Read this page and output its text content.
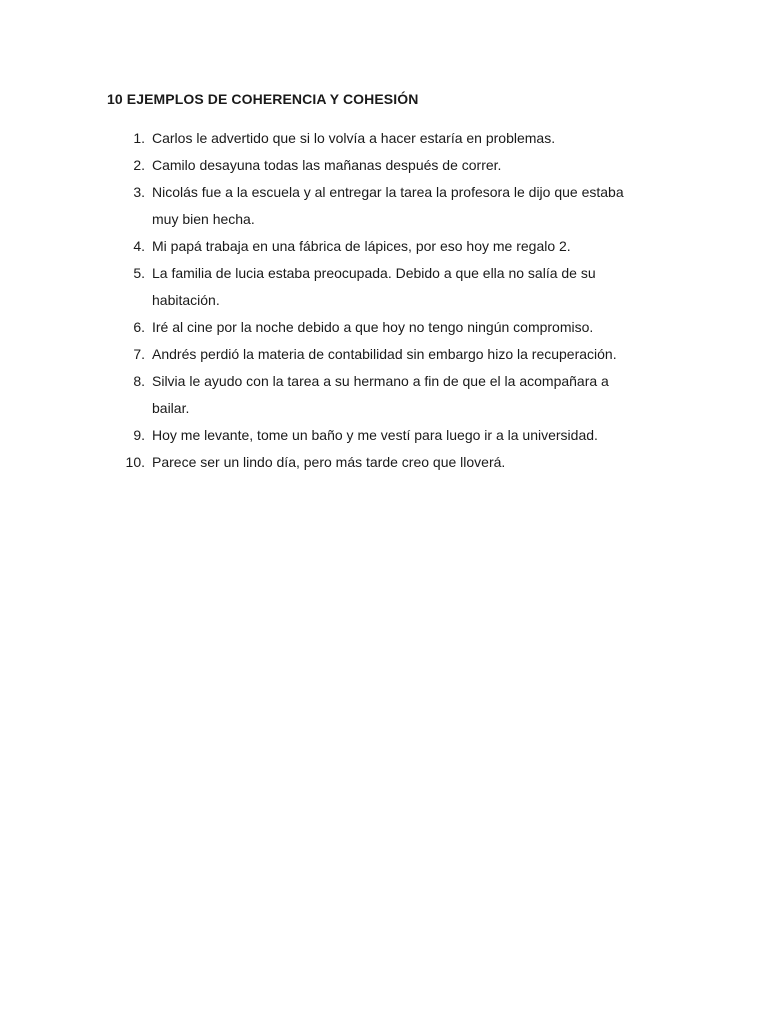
10 EJEMPLOS DE COHERENCIA Y COHESIÓN
1. Carlos le advertido que si lo volvía a hacer estaría en problemas.
2. Camilo desayuna todas las mañanas después de correr.
3. Nicolás fue a la escuela y al entregar la tarea la profesora le dijo que estaba
muy bien hecha.
4. Mi papá trabaja en una fábrica de lápices, por eso hoy me regalo 2.
5. La familia de lucia estaba preocupada. Debido a que ella no salía de su
habitación.
6. Iré al cine por la noche debido a que hoy no tengo ningún compromiso.
7. Andrés perdió la materia de contabilidad sin embargo hizo la recuperación.
8. Silvia le ayudo con la tarea a su hermano a fin de que el la acompañara a
bailar.
9. Hoy me levante, tome un baño y me vestí para luego ir a la universidad.
10. Parece ser un lindo día, pero más tarde creo que lloverá.
